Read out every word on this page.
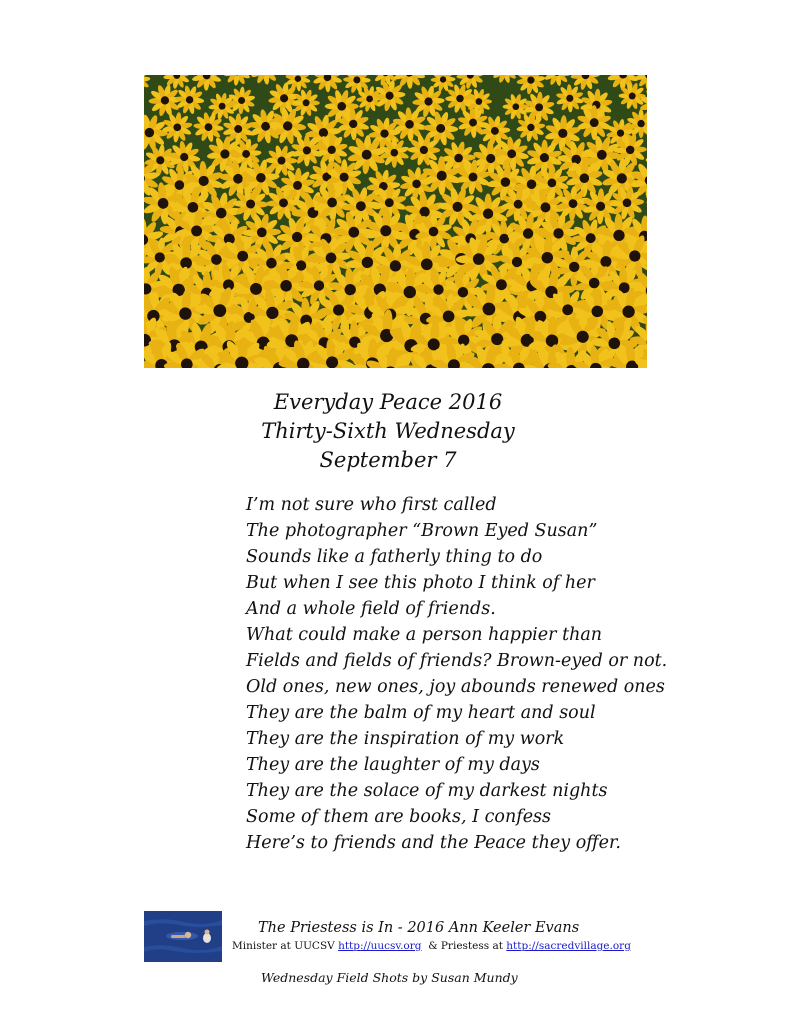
Everyday Peace 2016
Thirty-Sixth Wednesday
September 7
I’m not sure who first called
The photographer “Brown Eyed Susan”
Sounds like a fatherly thing to do
But when I see this photo I think of her
And a whole field of friends.
What could make a person happier than
Fields and fields of friends? Brown-eyed or not.
Old ones, new ones, joy abounds renewed ones
They are the balm of my heart and soul
They are the inspiration of my work
They are the laughter of my days
They are the solace of my darkest nights
Some of them are books, I confess
Here’s to friends and the Peace they offer.
The Priestess is In - 2016 Ann Keeler Evans
Minister at UUCSV http://uucsv.org & Priestess at http://sacredvillage.org
Wednesday Field Shots by Susan Mundy
